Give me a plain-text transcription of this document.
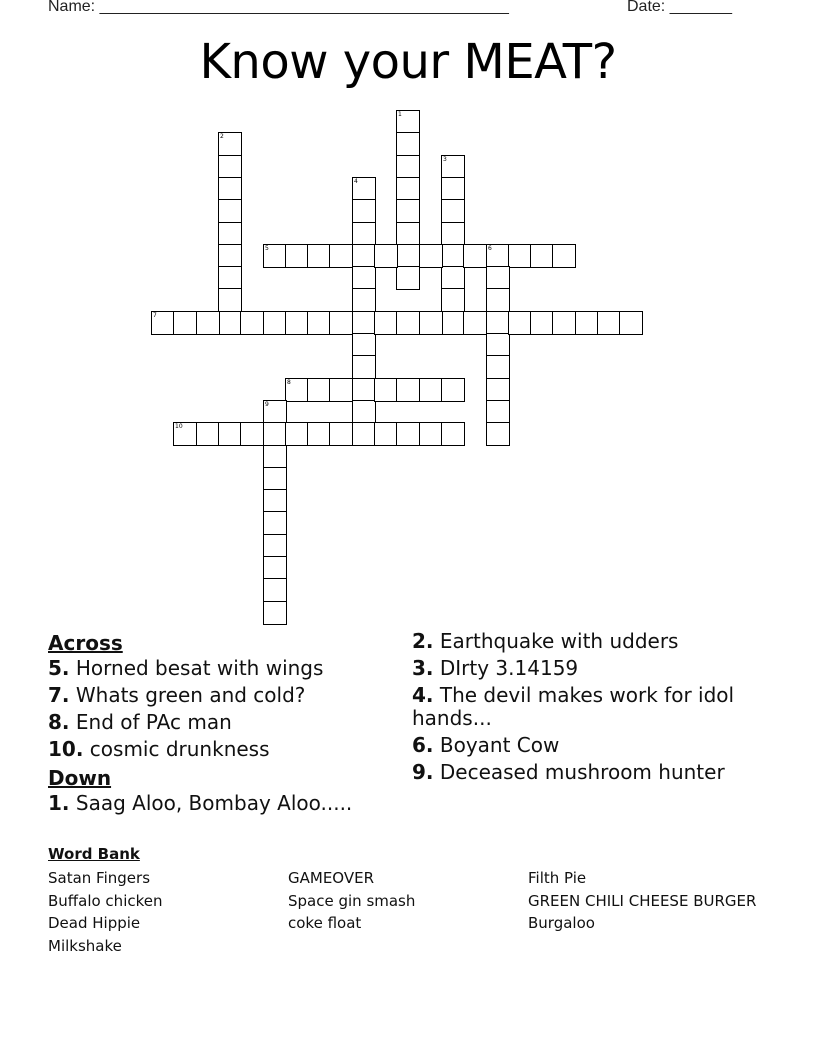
Name: ______________________________________________	Date: _______
Know your MEAT?
1
2
3
4
5	6
7
8
9
10
Across
5. Horned besat with wings
7. Whats green and cold?
8. End of PAc man
10. cosmic drunkness
Down
1. Saag Aloo, Bombay Aloo.....
2. Earthquake with udders
3. DIrty 3.14159
4. The devil makes work for idol hands...
6. Boyant Cow
9. Deceased mushroom hunter
Word Bank
Satan Fingers
Buffalo chicken
Dead Hippie
Milkshake
GAMEOVER
Space gin smash
coke float
Filth Pie
GREEN CHILI CHEESE BURGER
Burgaloo
